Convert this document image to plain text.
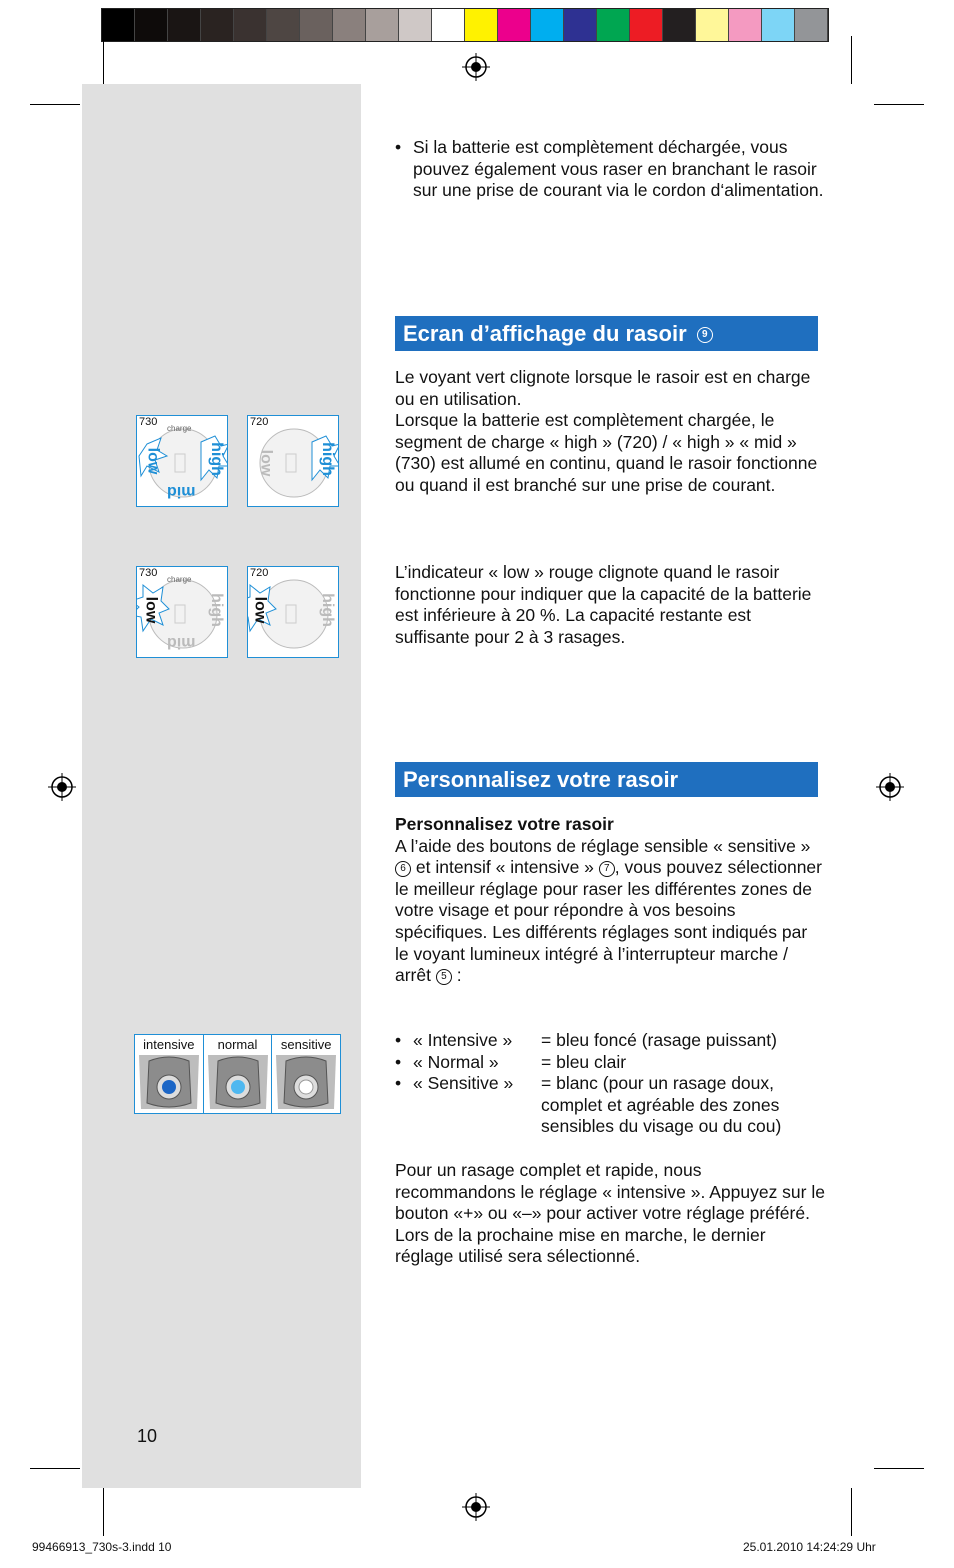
• Si la batterie est complètement déchargée, vous pouvez également vous raser en branchant le rasoir sur une prise de courant via le cordon d‘alimentation.
Ecran d’affichage du rasoir 9
Le voyant vert clignote lorsque le rasoir est en charge ou en utilisation.
Lorsque la batterie est complètement chargée, le segment de charge « high » (720) / « high » « mid » (730) est allumé en continu, quand le rasoir fonctionne ou quand il est branché sur une prise de courant.
L’indicateur « low » rouge clignote quand le rasoir fonctionne pour indiquer que la capacité de la batterie est inférieure à 20 %. La capacité restante est suffisante pour 2 à 3 rasages.
730
charge
low
mid
high
720
low	high
730
charge
low
mid
high
720
low	high
Personnalisez votre rasoir
Personnalisez votre rasoir
A l’aide des boutons de réglage sensible « sensitive » 6 et intensif « intensive » 7 , vous pouvez sélectionner le meilleur réglage pour raser les différentes zones de votre visage et pour répondre à vos besoins spécifiques. Les différents réglages sont indiqués par le voyant lumineux intégré à l’interrupteur marche / arrêt 5 :
• « Intensive »	= bleu foncé (rasage puissant)
• « Normal »	= bleu clair
• « Sensitive »	= blanc (pour un rasage doux, complet et agréable des zones sensibles du visage ou du cou)
Pour un rasage complet et rapide, nous recommandons le réglage « intensive ». Appuyez sur le bouton «+» ou «–» pour activer votre réglage préféré. Lors de la prochaine mise en marche, le dernier réglage utilisé sera sélectionné.
intensive	normal	sensitive
10
99466913_730s-3.indd 10	25.01.2010 14:24:29 Uhr
